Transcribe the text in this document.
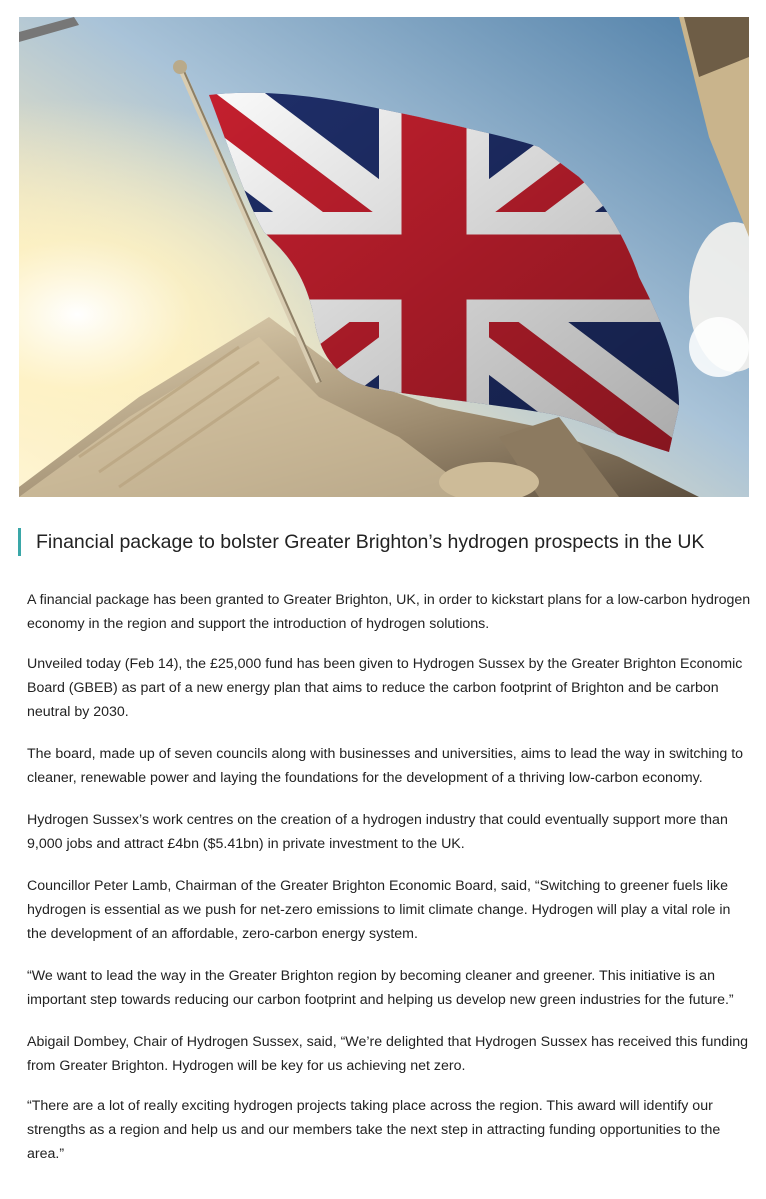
Financial package to bolster Greater Brighton’s hydrogen prospects in the UK

A financial package has been granted to Greater Brighton, UK, in order to kickstart plans for a low-carbon hydrogen economy in the region and support the introduction of hydrogen solutions.

Unveiled today (Feb 14), the £25,000 fund has been given to Hydrogen Sussex by the Greater Brighton Economic Board (GBEB) as part of a new energy plan that aims to reduce the carbon footprint of Brighton and be carbon neutral by 2030.

The board, made up of seven councils along with businesses and universities, aims to lead the way in switching to cleaner, renewable power and laying the foundations for the development of a thriving low-carbon economy.

Hydrogen Sussex’s work centres on the creation of a hydrogen industry that could eventually support more than 9,000 jobs and attract £4bn ($5.41bn) in private investment to the UK.

Councillor Peter Lamb, Chairman of the Greater Brighton Economic Board, said, “Switching to greener fuels like hydrogen is essential as we push for net-zero emissions to limit climate change. Hydrogen will play a vital role in the development of an affordable, zero-carbon energy system.

“We want to lead the way in the Greater Brighton region by becoming cleaner and greener. This initiative is an important step towards reducing our carbon footprint and helping us develop new green industries for the future.”

Abigail Dombey, Chair of Hydrogen Sussex, said, “We’re delighted that Hydrogen Sussex has received this funding from Greater Brighton. Hydrogen will be key for us achieving net zero.

“There are a lot of really exciting hydrogen projects taking place across the region. This award will identify our strengths as a region and help us and our members take the next step in attracting funding opportunities to the area.”
